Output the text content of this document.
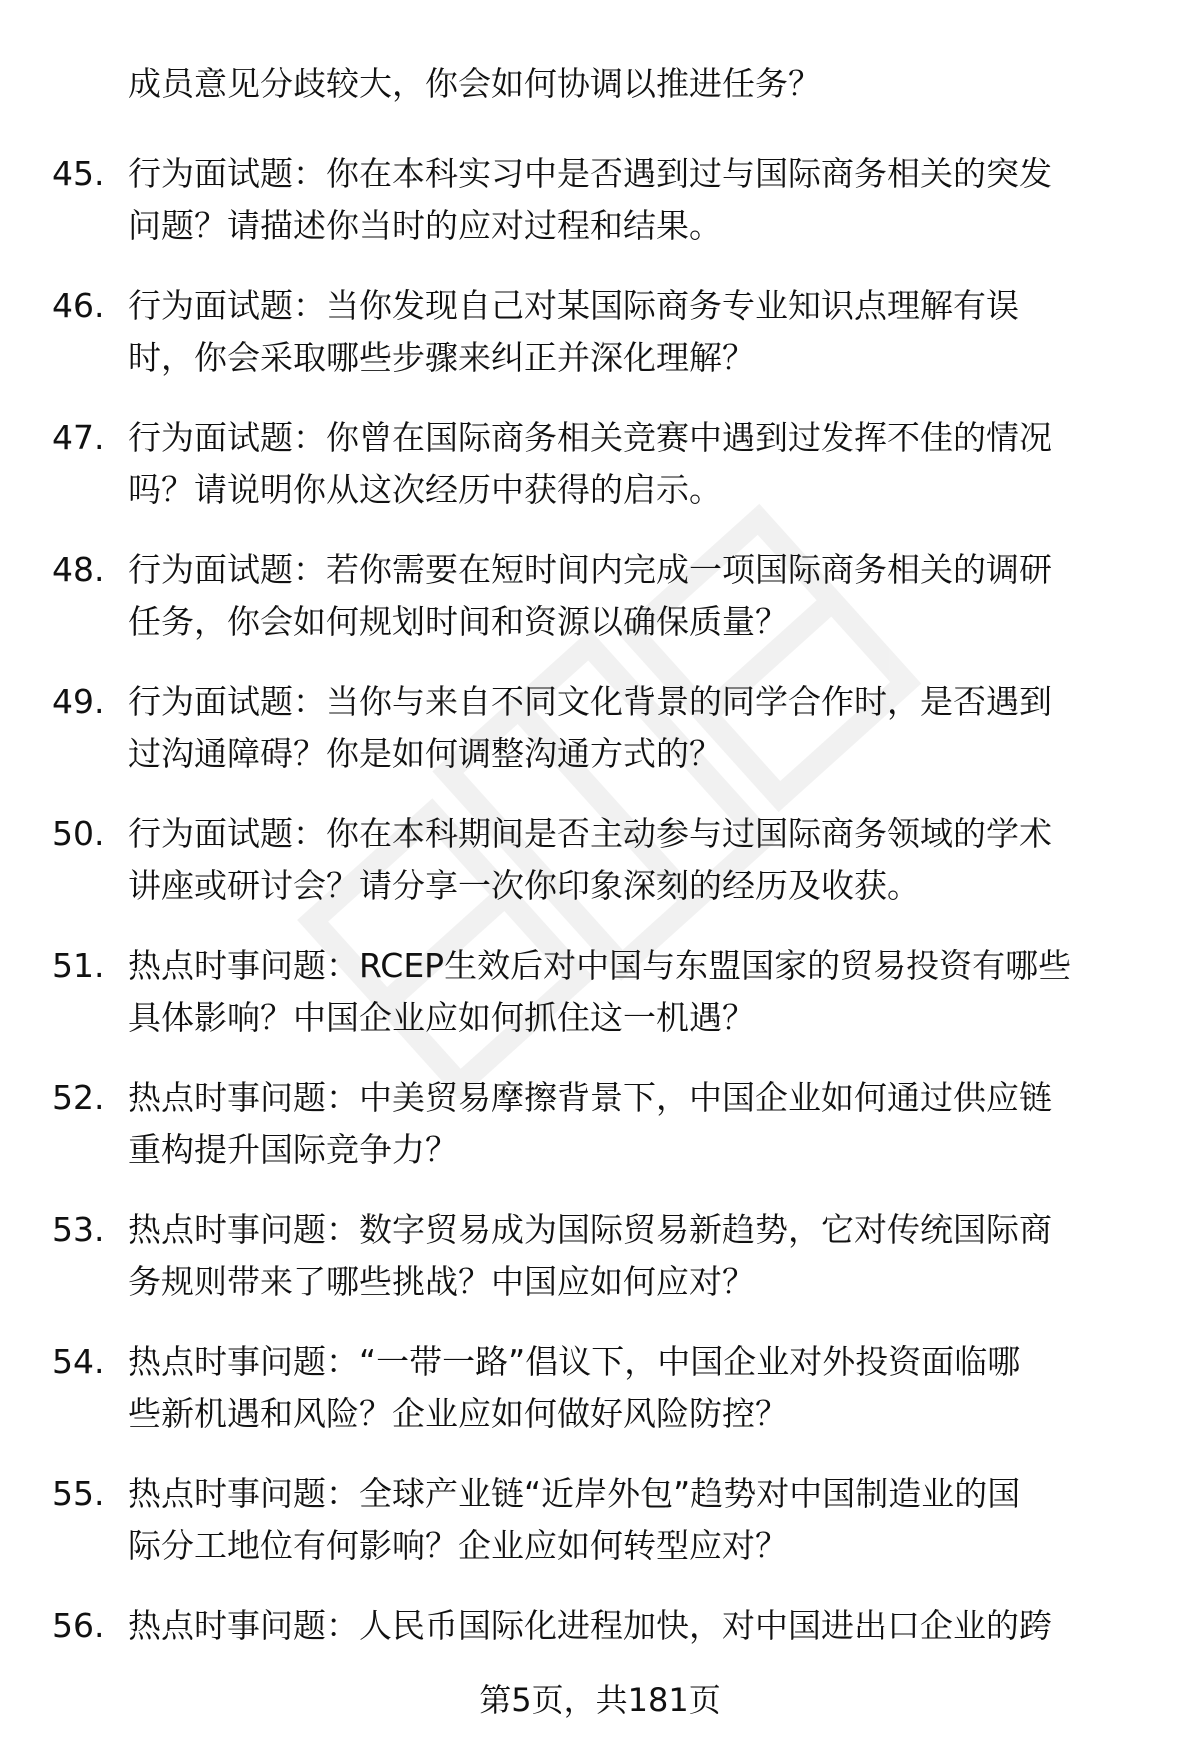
成员意见分歧较大，你会如何协调以推进任务？
45. 行为面试题：你在本科实习中是否遇到过与国际商务相关的突发
问题？请描述你当时的应对过程和结果。
46. 行为面试题：当你发现自己对某国际商务专业知识点理解有误
时，你会采取哪些步骤来纠正并深化理解？
47. 行为面试题：你曾在国际商务相关竞赛中遇到过发挥不佳的情况
吗？请说明你从这次经历中获得的启示。
48. 行为面试题：若你需要在短时间内完成一项国际商务相关的调研
任务，你会如何规划时间和资源以确保质量？
49. 行为面试题：当你与来自不同文化背景的同学合作时，是否遇到
过沟通障碍？你是如何调整沟通方式的？
50. 行为面试题：你在本科期间是否主动参与过国际商务领域的学术
讲座或研讨会？请分享一次你印象深刻的经历及收获。
51. 热点时事问题：RCEP生效后对中国与东盟国家的贸易投资有哪些
具体影响？中国企业应如何抓住这一机遇？
52. 热点时事问题：中美贸易摩擦背景下，中国企业如何通过供应链
重构提升国际竞争力？
53. 热点时事问题：数字贸易成为国际贸易新趋势，它对传统国际商
务规则带来了哪些挑战？中国应如何应对？
54. 热点时事问题：“一带一路”倡议下，中国企业对外投资面临哪
些新机遇和风险？企业应如何做好风险防控？
55. 热点时事问题：全球产业链“近岸外包”趋势对中国制造业的国
际分工地位有何影响？企业应如何转型应对？
56. 热点时事问题：人民币国际化进程加快，对中国进出口企业的跨
第5页，共181页
